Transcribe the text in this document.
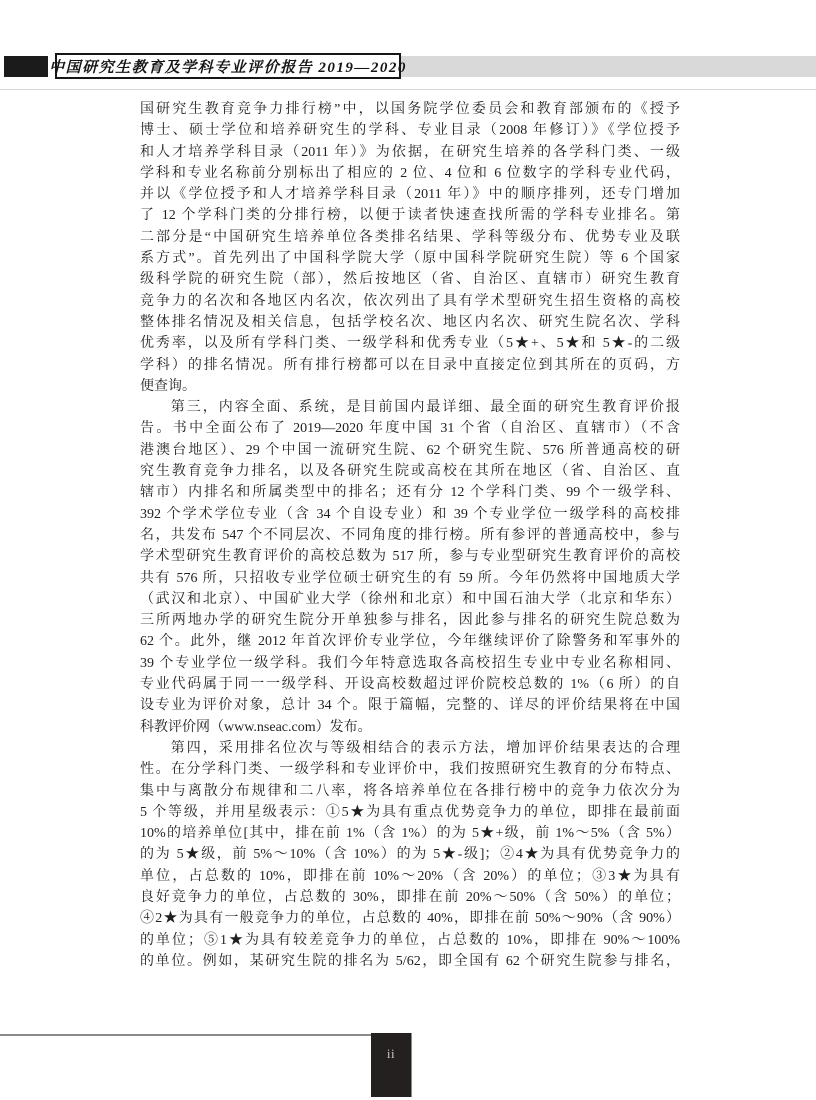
中国研究生教育及学科专业评价报告 2019—2020
国研究生教育竞争力排行榜”中，以国务院学位委员会和教育部颁布的《授予
博士、硕士学位和培养研究生的学科、专业目录（2008 年修订）》《学位授予
和人才培养学科目录（2011 年）》为依据，在研究生培养的各学科门类、一级
学科和专业名称前分别标出了相应的 2 位、4 位和 6 位数字的学科专业代码，
并以《学位授予和人才培养学科目录（2011 年）》中的顺序排列，还专门增加
了 12 个学科门类的分排行榜，以便于读者快速查找所需的学科专业排名。第
二部分是“中国研究生培养单位各类排名结果、学科等级分布、优势专业及联
系方式”。首先列出了中国科学院大学（原中国科学院研究生院）等 6 个国家
级科学院的研究生院（部），然后按地区（省、自治区、直辖市）研究生教育
竞争力的名次和各地区内名次，依次列出了具有学术型研究生招生资格的高校
整体排名情况及相关信息，包括学校名次、地区内名次、研究生院名次、学科
优秀率，以及所有学科门类、一级学科和优秀专业（5★+、5★和 5★-的二级
学科）的排名情况。所有排行榜都可以在目录中直接定位到其所在的页码，方
便查询。
第三，内容全面、系统，是目前国内最详细、最全面的研究生教育评价报
告。书中全面公布了 2019—2020 年度中国 31 个省（自治区、直辖市）（不含
港澳台地区）、29 个中国一流研究生院、62 个研究生院、576 所普通高校的研
究生教育竞争力排名，以及各研究生院或高校在其所在地区（省、自治区、直
辖市）内排名和所属类型中的排名；还有分 12 个学科门类、99 个一级学科、
392 个学术学位专业（含 34 个自设专业）和 39 个专业学位一级学科的高校排
名，共发布 547 个不同层次、不同角度的排行榜。所有参评的普通高校中，参与
学术型研究生教育评价的高校总数为 517 所，参与专业型研究生教育评价的高校
共有 576 所，只招收专业学位硕士研究生的有 59 所。今年仍然将中国地质大学
（武汉和北京）、中国矿业大学（徐州和北京）和中国石油大学（北京和华东）
三所两地办学的研究生院分开单独参与排名，因此参与排名的研究生院总数为
62 个。此外，继 2012 年首次评价专业学位，今年继续评价了除警务和军事外的
39 个专业学位一级学科。我们今年特意选取各高校招生专业中专业名称相同、
专业代码属于同一一级学科、开设高校数超过评价院校总数的 1%（6 所）的自
设专业为评价对象，总计 34 个。限于篇幅，完整的、详尽的评价结果将在中国
科教评价网（www.nseac.com）发布。
第四，采用排名位次与等级相结合的表示方法，增加评价结果表达的合理
性。在分学科门类、一级学科和专业评价中，我们按照研究生教育的分布特点、
集中与离散分布规律和二八率，将各培养单位在各排行榜中的竞争力依次分为
5 个等级，并用星级表示：①5★为具有重点优势竞争力的单位，即排在最前面
10%的培养单位[其中，排在前 1%（含 1%）的为 5★+级，前 1%～5%（含 5%）
的为 5★级，前 5%～10%（含 10%）的为 5★-级]；②4★为具有优势竞争力的
单位，占总数的 10%，即排在前 10%～20%（含 20%）的单位；③3★为具有
良好竞争力的单位，占总数的 30%，即排在前 20%～50%（含 50%）的单位；
④2★为具有一般竞争力的单位，占总数的 40%，即排在前 50%～90%（含 90%）
的单位；⑤1★为具有较差竞争力的单位，占总数的 10%，即排在 90%～100%
的单位。例如，某研究生院的排名为 5/62，即全国有 62 个研究生院参与排名，
ii
